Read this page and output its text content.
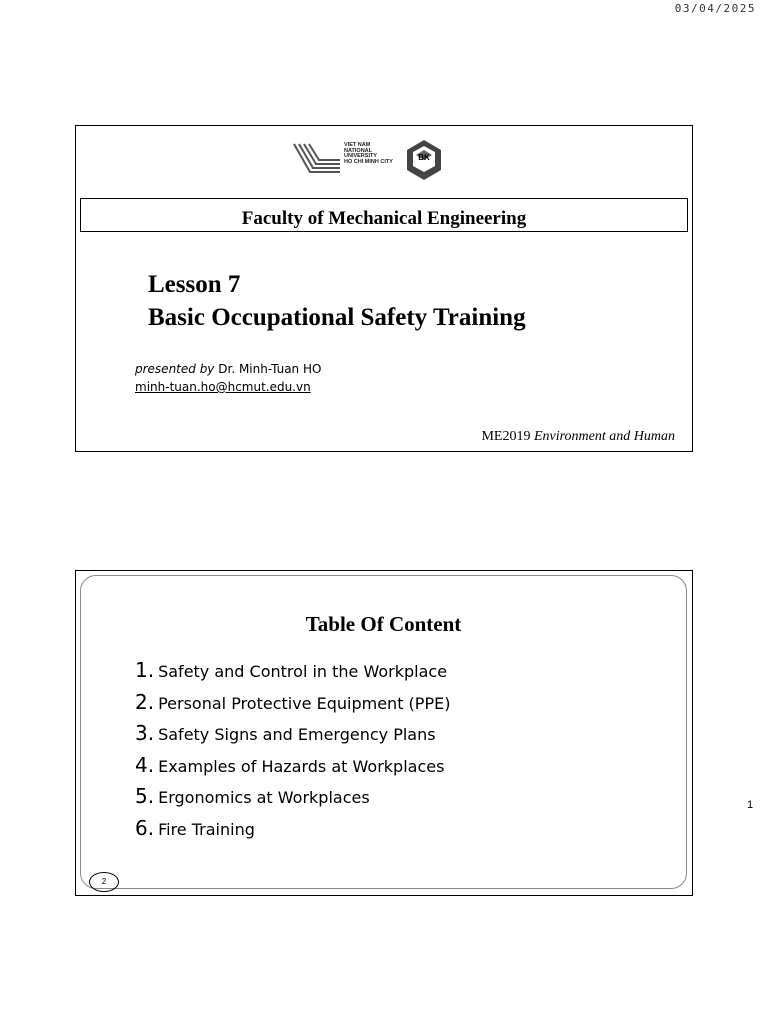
03/04/2025
1
VIET NAM
NATIONAL
UNIVERSITY
HO CHI MINH CITY	BK
Faculty of Mechanical Engineering
Lesson 7
Basic Occupational Safety Training
presented by Dr. Minh-Tuan HO
minh-tuan.ho@hcmut.edu.vn
ME2019 Environment and Human
Table Of Content
1. Safety and Control in the Workplace
2. Personal Protective Equipment (PPE)
3. Safety Signs and Emergency Plans
4. Examples of Hazards at Workplaces
5. Ergonomics at Workplaces
6. Fire Training
2
